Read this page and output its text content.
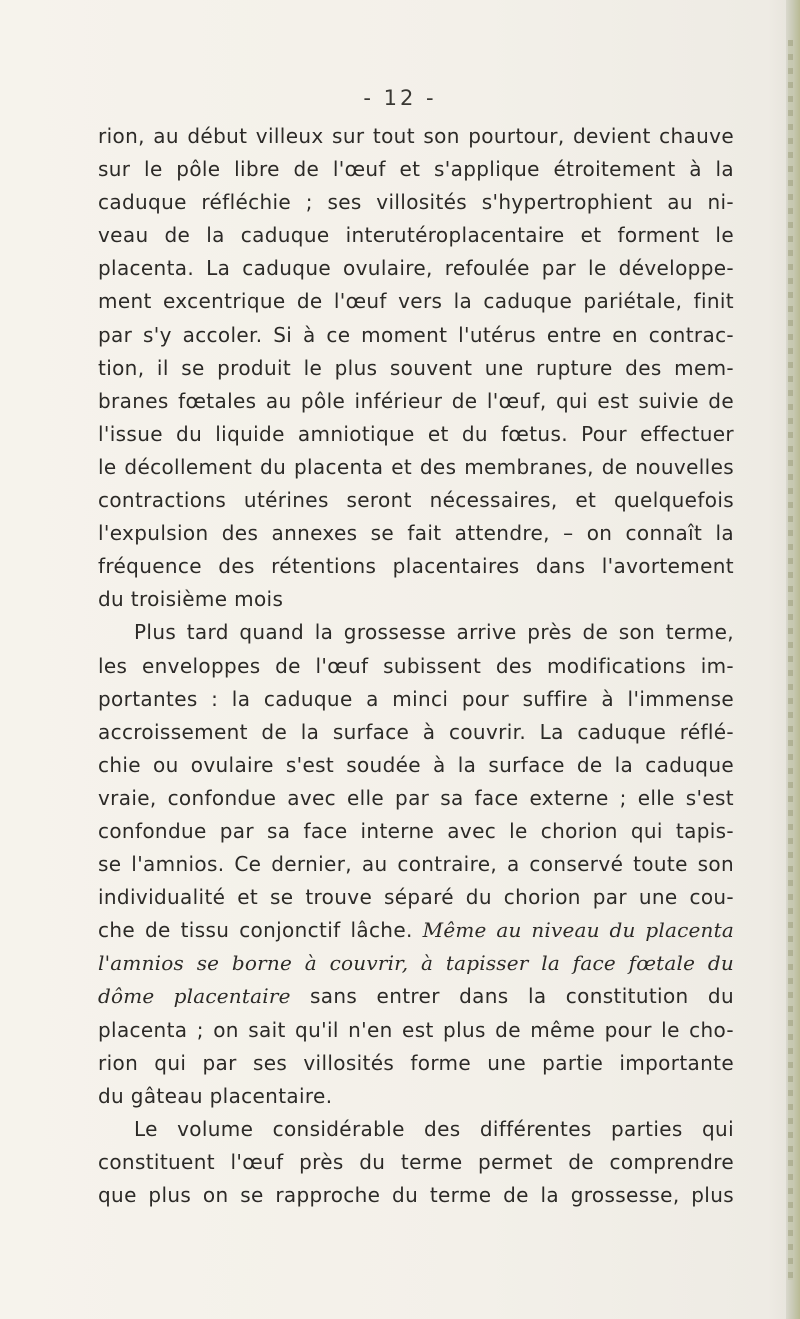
- 12 -
rion, au début villeux sur tout son pourtour, devient chauve
sur le pôle libre de l'œuf et s'applique étroitement à la
caduque réfléchie ; ses villosités s'hypertrophient au ni-
veau de la caduque interutéroplacentaire et forment le
placenta. La caduque ovulaire, refoulée par le développe-
ment excentrique de l'œuf vers la caduque pariétale, finit
par s'y accoler. Si à ce moment l'utérus entre en contrac-
tion, il se produit le plus souvent une rupture des mem-
branes fœtales au pôle inférieur de l'œuf, qui est suivie de
l'issue du liquide amniotique et du fœtus. Pour effectuer
le décollement du placenta et des membranes, de nouvelles
contractions utérines seront nécessaires, et quelquefois
l'expulsion des annexes se fait attendre, – on connaît la
fréquence des rétentions placentaires dans l'avortement
du troisième mois
Plus tard quand la grossesse arrive près de son terme,
les enveloppes de l'œuf subissent des modifications im-
portantes : la caduque a minci pour suffire à l'immense
accroissement de la surface à couvrir. La caduque réflé-
chie ou ovulaire s'est soudée à la surface de la caduque
vraie, confondue avec elle par sa face externe ; elle s'est
confondue par sa face interne avec le chorion qui tapis-
se l'amnios. Ce dernier, au contraire, a conservé toute son
individualité et se trouve séparé du chorion par une cou-
che de tissu conjonctif lâche. Même au niveau du placenta
l'amnios se borne à couvrir, à tapisser la face fœtale du
dôme placentaire sans entrer dans la constitution du
placenta ; on sait qu'il n'en est plus de même pour le cho-
rion qui par ses villosités forme une partie importante
du gâteau placentaire.
Le volume considérable des différentes parties qui
constituent l'œuf près du terme permet de comprendre
que plus on se rapproche du terme de la grossesse, plus
